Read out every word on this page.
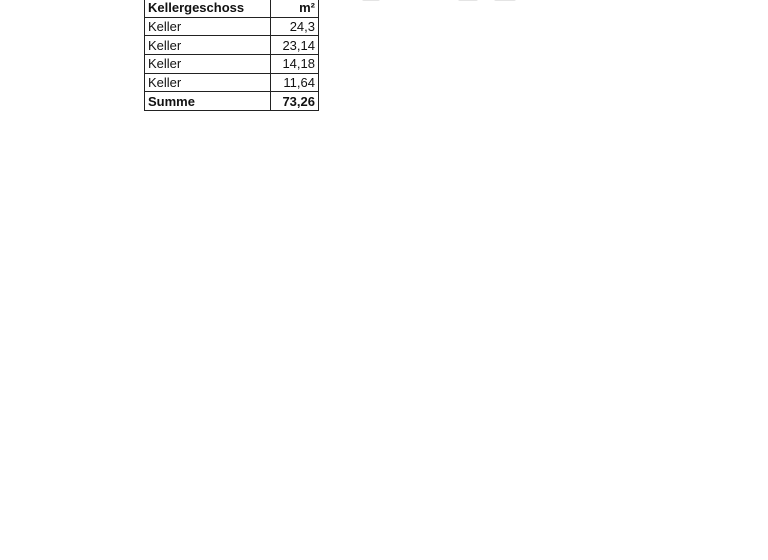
Kellergeschoss	m²
Keller	24,3
Keller	23,14
Keller	14,18
Keller	11,64
Summe	73,26
